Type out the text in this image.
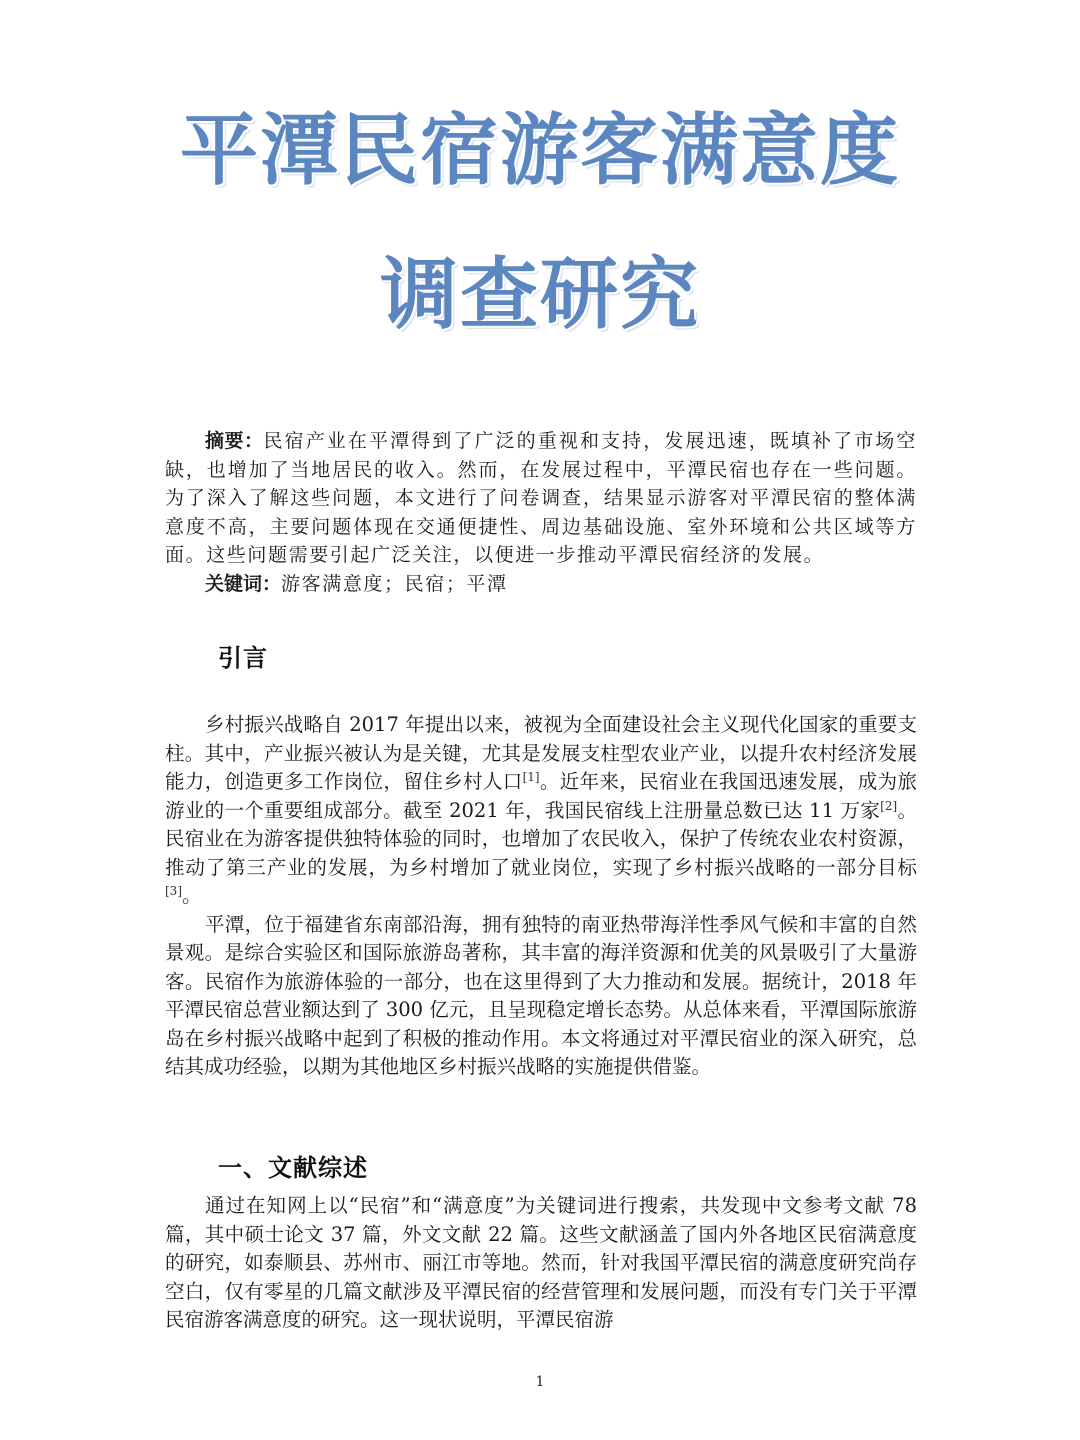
平潭民宿游客满意度
调查研究

摘要：民宿产业在平潭得到了广泛的重视和支持，发展迅速，既填补了市场空缺，也增加了当地居民的收入。然而，在发展过程中，平潭民宿也存在一些问题。为了深入了解这些问题，本文进行了问卷调查，结果显示游客对平潭民宿的整体满意度不高，主要问题体现在交通便捷性、周边基础设施、室外环境和公共区域等方面。这些问题需要引起广泛关注，以便进一步推动平潭民宿经济的发展。

关键词：游客满意度；民宿；平潭
引言

乡村振兴战略自 2017 年提出以来，被视为全面建设社会主义现代化国家的重要支柱。其中，产业振兴被认为是关键，尤其是发展支柱型农业产业，以提升农村经济发展能力，创造更多工作岗位，留住乡村人口[1]。近年来，民宿业在我国迅速发展，成为旅游业的一个重要组成部分。截至 2021 年，我国民宿线上注册量总数已达 11 万家[2]。民宿业在为游客提供独特体验的同时，也增加了农民收入，保护了传统农业农村资源，推动了第三产业的发展，为乡村增加了就业岗位，实现了乡村振兴战略的一部分目标[3]。

平潭，位于福建省东南部沿海，拥有独特的南亚热带海洋性季风气候和丰富的自然景观。是综合实验区和国际旅游岛著称，其丰富的海洋资源和优美的风景吸引了大量游客。民宿作为旅游体验的一部分，也在这里得到了大力推动和发展。据统计，2018 年平潭民宿总营业额达到了 300 亿元，且呈现稳定增长态势。从总体来看，平潭国际旅游岛在乡村振兴战略中起到了积极的推动作用。本文将通过对平潭民宿业的深入研究，总结其成功经验，以期为其他地区乡村振兴战略的实施提供借鉴。

一、文献综述

通过在知网上以“民宿”和“满意度”为关键词进行搜索，共发现中文参考文献 78 篇，其中硕士论文 37 篇，外文文献 22 篇。这些文献涵盖了国内外各地区民宿满意度的研究，如泰顺县、苏州市、丽江市等地。然而，针对我国平潭民宿的满意度研究尚存空白，仅有零星的几篇文献涉及平潭民宿的经营管理和发展问题，而没有专门关于平潭民宿游客满意度的研究。这一现状说明，平潭民宿游

1
